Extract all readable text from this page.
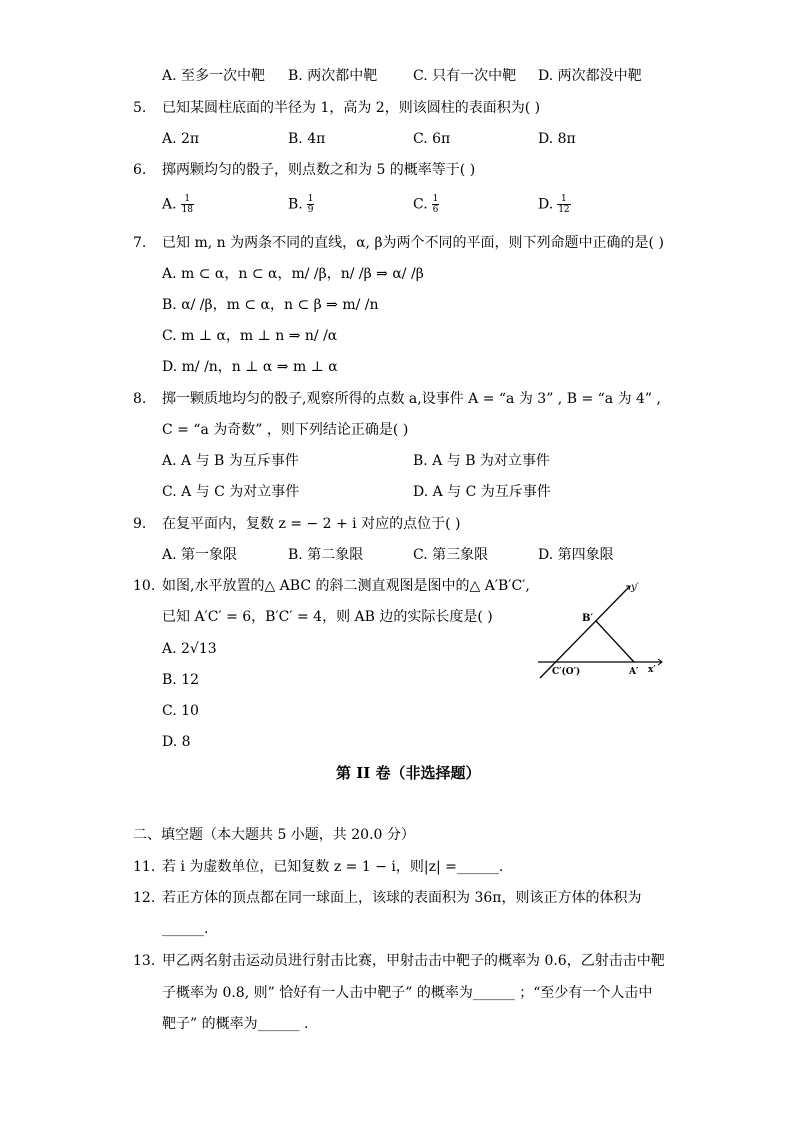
A. 至多一次中靶 B. 两次都中靶	C. 只有一次中靶 D. 两次都没中靶
5. 已知某圆柱底面的半径为 1，高为 2，则该圆柱的表面积为( )
A. 2π	B. 4π	C. 6π	D. 8π
6. 掷两颗均匀的骰子，则点数之和为 5 的概率等于( )
A. $\frac{1}{18}$	B. $\frac{1}{9}$	C. $\frac{1}{6}$	D. $\frac{1}{12}$
7. 已知 m, n 为两条不同的直线，α, β为两个不同的平面，则下列命题中正确的是( )
A. m ⊂ α，n ⊂ α，m/ /β，n/ /β ⇒ α/ /β
B. α/ /β，m ⊂ α，n ⊂ β ⇒ m/ /n
C. m ⊥ α，m ⊥ n ⇒ n/ /α
D. m/ /n，n ⊥ α ⇒ m ⊥ α
8. 掷一颗质地均匀的骰子,观察所得的点数 a,设事件 A = “a 为 3” , B = “a 为 4” ,
C = “a 为奇数” ，则下列结论正确是( )
A. A 与 B 为互斥事件	B. A 与 B 为对立事件
C. A 与 C 为对立事件	D. A 与 C 为互斥事件
9. 在复平面内，复数 z = − 2 + i 对应的点位于( )
A. 第一象限	B. 第二象限	C. 第三象限	D. 第四象限
10. 如图,水平放置的△ ABC 的斜二测直观图是图中的△ A′B′C′,
已知 A′C′ = 6，B′C′ = 4，则 AB 边的实际长度是( )
A. 2√13
B. 12
C. 10
D. 8
y′
B′
C′(O′)	A′ x′
第 II 卷（非选择题）
二、填空题（本大题共 5 小题，共 20.0 分）
11. 若 i 为虚数单位，已知复数 z = 1 − i，则|z| =______.
12. 若正方体的顶点都在同一球面上，该球的表面积为 36π，则该正方体的体积为
______.
13. 甲乙两名射击运动员进行射击比赛，甲射击击中靶子的概率为 0.6，乙射击击中靶
子概率为 0.8, 则” 恰好有一人击中靶子” 的概率为______ ；“至少有一个人击中
靶子” 的概率为______ .
